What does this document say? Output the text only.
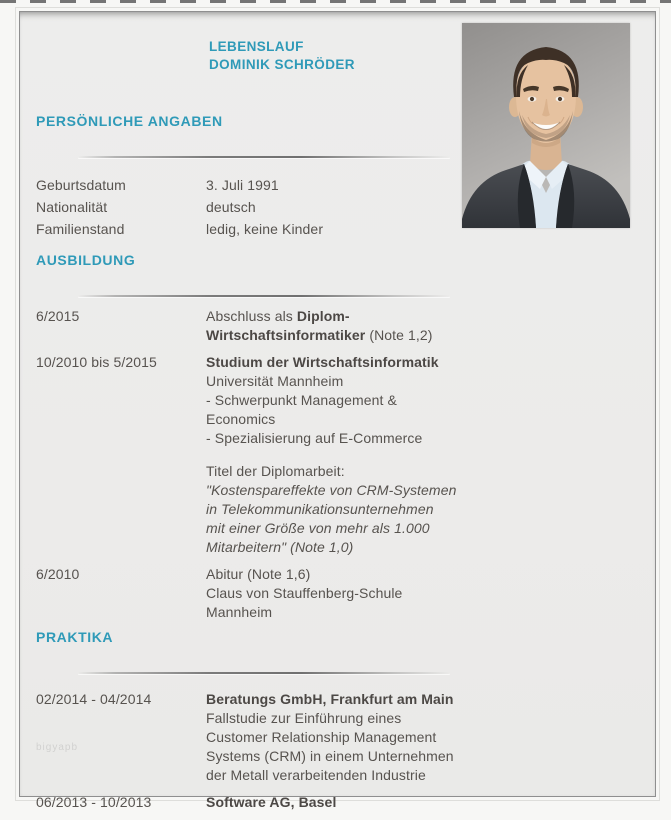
LEBENSLAUF
DOMINIK SCHRÖDER
PERSÖNLICHE ANGABEN
Geburtsdatum	3. Juli 1991
Nationalität	deutsch
Familienstand	ledig, keine Kinder
AUSBILDUNG
6/2015	Abschluss als Diplom-
Wirtschaftsinformatiker (Note 1,2)
10/2010 bis 5/2015	Studium der Wirtschaftsinformatik
Universität Mannheim
- Schwerpunkt Management &
Economics
- Spezialisierung auf E-Commerce
Titel der Diplomarbeit:
"Kostenspareffekte von CRM-Systemen
in Telekommunikationsunternehmen
mit einer Größe von mehr als 1.000
Mitarbeitern" (Note 1,0)
6/2010	Abitur (Note 1,6)
Claus von Stauffenberg-Schule
Mannheim
PRAKTIKA
02/2014 - 04/2014	Beratungs GmbH, Frankfurt am Main
Fallstudie zur Einführung eines
Customer Relationship Management
Systems (CRM) in einem Unternehmen
der Metall verarbeitenden Industrie
06/2013 - 10/2013	Software AG, Basel
bigyapb
